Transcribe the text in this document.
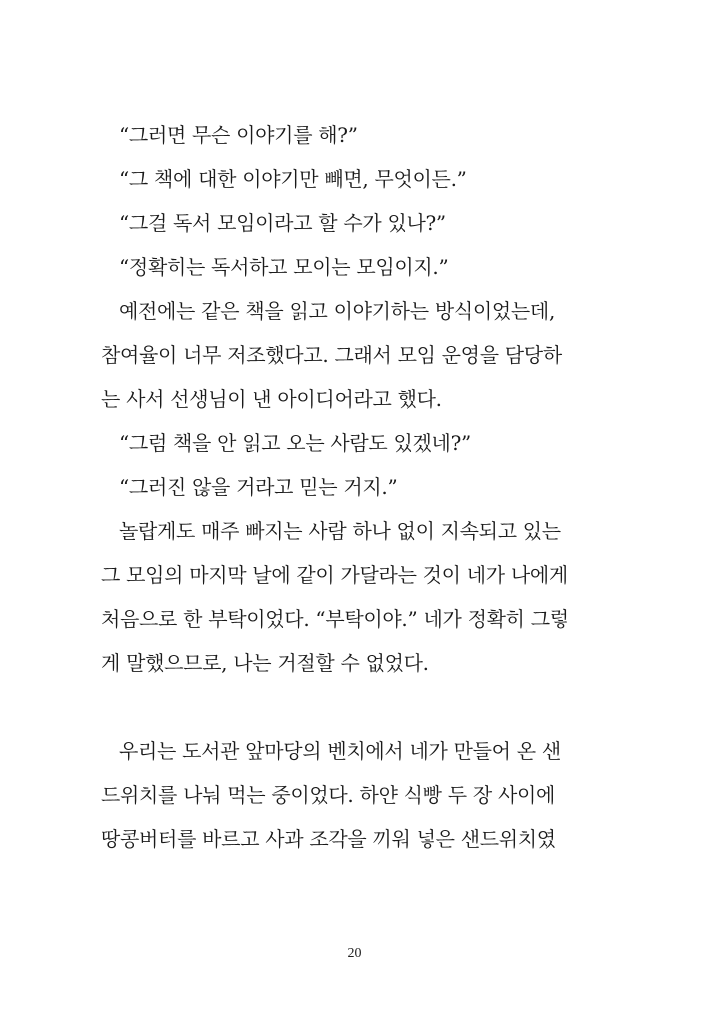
“그러면 무슨 이야기를 해?”
“그 책에 대한 이야기만 빼면, 무엇이든.”
“그걸 독서 모임이라고 할 수가 있나?”
“정확히는 독서하고 모이는 모임이지.”
예전에는 같은 책을 읽고 이야기하는 방식이었는데,
참여율이 너무 저조했다고. 그래서 모임 운영을 담당하
는 사서 선생님이 낸 아이디어라고 했다.
“그럼 책을 안 읽고 오는 사람도 있겠네?”
“그러진 않을 거라고 믿는 거지.”
놀랍게도 매주 빠지는 사람 하나 없이 지속되고 있는
그 모임의 마지막 날에 같이 가달라는 것이 네가 나에게
처음으로 한 부탁이었다. “부탁이야.” 네가 정확히 그렇
게 말했으므로, 나는 거절할 수 없었다.
우리는 도서관 앞마당의 벤치에서 네가 만들어 온 샌
드위치를 나눠 먹는 중이었다. 하얀 식빵 두 장 사이에
땅콩버터를 바르고 사과 조각을 끼워 넣은 샌드위치였
20
